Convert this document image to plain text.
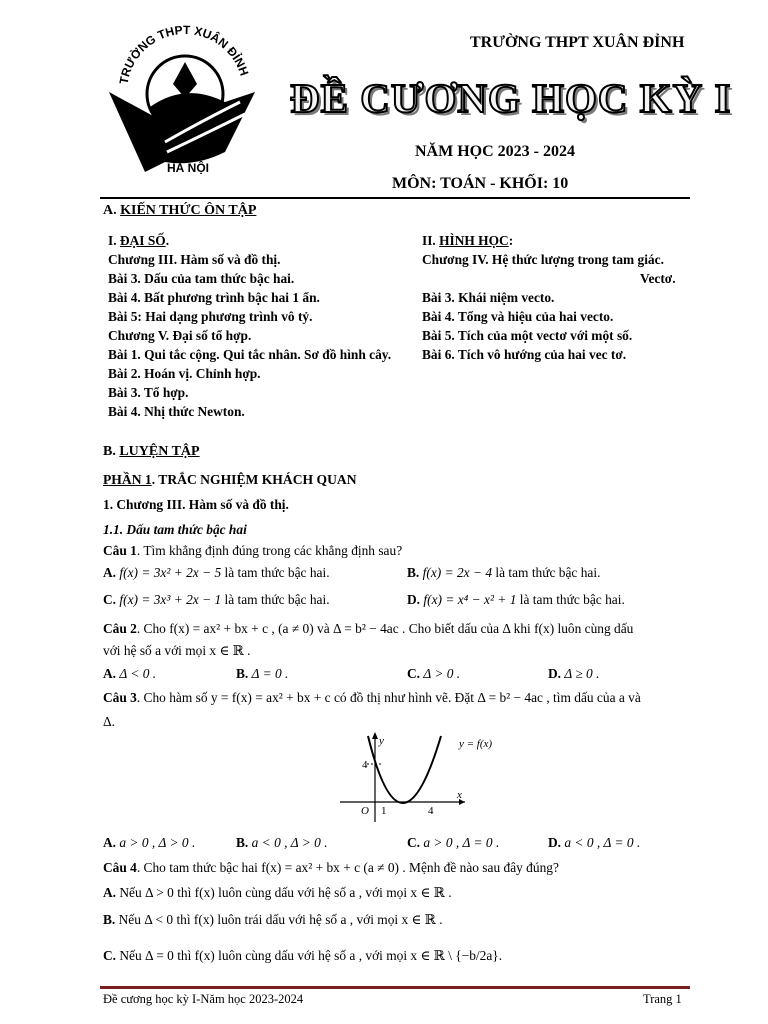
TRƯỜNG THPT XUÂN ĐỈNH
HÀ NỘI
TRƯỜNG THPT XUÂN ĐỈNH
ĐỀ CƯƠNG HỌC KỲ I
NĂM HỌC 2023 - 2024
MÔN: TOÁN - KHỐI: 10
A. KIẾN THỨC ÔN TẬP
I. ĐẠI SỐ.
Chương III. Hàm số và đồ thị.
Bài 3. Dấu của tam thức bậc hai.
Bài 4. Bất phương trình bậc hai 1 ẩn.
Bài 5: Hai dạng phương trình vô tỷ.
Chương V. Đại số tổ hợp.
Bài 1. Qui tắc cộng. Qui tắc nhân. Sơ đồ hình cây.
Bài 2. Hoán vị. Chỉnh hợp.
Bài 3. Tổ hợp.
Bài 4. Nhị thức Newton.
II. HÌNH HỌC:
Chương IV. Hệ thức lượng trong tam giác.
Vectơ.
Bài 3. Khái niệm vecto.
Bài 4. Tổng và hiệu của hai vecto.
Bài 5. Tích của một vectơ với một số.
Bài 6. Tích vô hướng của hai vec tơ.
B. LUYỆN TẬP
PHẦN 1. TRẮC NGHIỆM KHÁCH QUAN
1. Chương III. Hàm số và đồ thị.
1.1. Dấu tam thức bậc hai
Câu 1. Tìm khẳng định đúng trong các khẳng định sau?
A. f(x) = 3x² + 2x − 5 là tam thức bậc hai.	B. f(x) = 2x − 4 là tam thức bậc hai.
C. f(x) = 3x³ + 2x − 1 là tam thức bậc hai.	D. f(x) = x⁴ − x² + 1 là tam thức bậc hai.
Câu 2. Cho f(x) = ax² + bx + c , (a ≠ 0) và Δ = b² − 4ac . Cho biết dấu của Δ khi f(x) luôn cùng dấu
với hệ số a với mọi x ∈ ℝ .
A. Δ < 0 .	B. Δ = 0 .	C. Δ > 0 .	D. Δ ≥ 0 .
Câu 3. Cho hàm số y = f(x) = ax² + bx + c có đồ thị như hình vẽ. Đặt Δ = b² − 4ac , tìm dấu của a và
Δ.
y
x
O
4
1	4
y = f(x)
A. a > 0 , Δ > 0 .	B. a < 0 , Δ > 0 .	C. a > 0 , Δ = 0 .	D. a < 0 , Δ = 0 .
Câu 4. Cho tam thức bậc hai f(x) = ax² + bx + c (a ≠ 0) . Mệnh đề nào sau đây đúng?
A. Nếu Δ > 0 thì f(x) luôn cùng dấu với hệ số a , với mọi x ∈ ℝ .
B. Nếu Δ < 0 thì f(x) luôn trái dấu với hệ số a , với mọi x ∈ ℝ .
C. Nếu Δ = 0 thì f(x) luôn cùng dấu với hệ số a , với mọi x ∈ ℝ \ {−b/2a}.
Đề cương học kỳ I-Năm học 2023-2024	Trang 1
